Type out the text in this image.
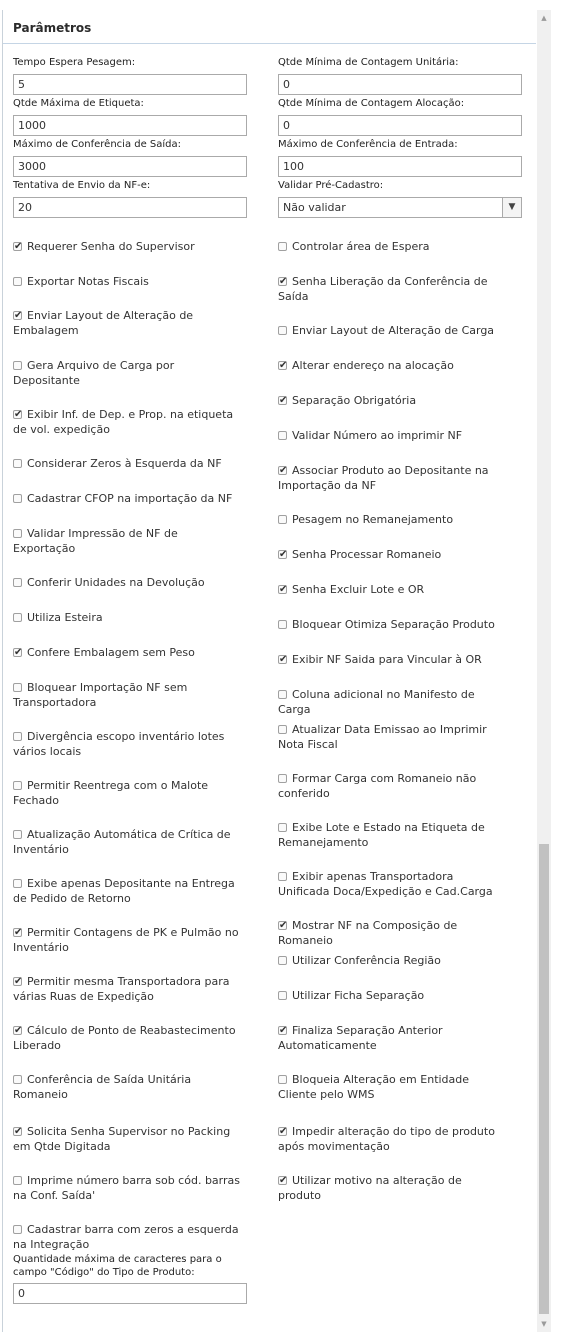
Parâmetros
Tempo Espera Pesagem:
5	Qtde Mínima de Contagem Unitária:
0
Qtde Máxima de Etiqueta:
1000	Qtde Mínima de Contagem Alocação:
0
Máximo de Conferência de Saída:
3000	Máximo de Conferência de Entrada:
100
Tentativa de Envio da NF-e:
20	Validar Pré-Cadastro:
Não validar	▼
✔Requerer Senha do Supervisor
Exportar Notas Fiscais
✔Enviar Layout de Alteração de Embalagem
Gera Arquivo de Carga por Depositante
✔Exibir Inf. de Dep. e Prop. na etiqueta de vol. expedição
Considerar Zeros à Esquerda da NF
Cadastrar CFOP na importação da NF
Validar Impressão de NF de Exportação
Conferir Unidades na Devolução
Utiliza Esteira
✔Confere Embalagem sem Peso
Bloquear Importação NF sem Transportadora
Divergência escopo inventário lotes vários locais
Permitir Reentrega com o Malote Fechado
Atualização Automática de Crítica de Inventário
Exibe apenas Depositante na Entrega de Pedido de Retorno
✔Permitir Contagens de PK e Pulmão no Inventário
✔Permitir mesma Transportadora para várias Ruas de Expedição
✔Cálculo de Ponto de Reabastecimento Liberado
Conferência de Saída Unitária Romaneio
✔Solicita Senha Supervisor no Packing em Qtde Digitada
Imprime número barra sob cód. barras na Conf. Saída'
Cadastrar barra com zeros a esquerda na Integração
Controlar área de Espera
✔Senha Liberação da Conferência de Saída
Enviar Layout de Alteração de Carga
✔Alterar endereço na alocação
✔Separação Obrigatória
Validar Número ao imprimir NF
✔Associar Produto ao Depositante na Importação da NF
Pesagem no Remanejamento
✔Senha Processar Romaneio
✔Senha Excluir Lote e OR
Bloquear Otimiza Separação Produto
✔Exibir NF Saida para Vincular à OR
Coluna adicional no Manifesto de Carga
Atualizar Data Emissao ao Imprimir Nota Fiscal
Formar Carga com Romaneio não conferido
Exibe Lote e Estado na Etiqueta de Remanejamento
Exibir apenas Transportadora Unificada Doca/Expedição e Cad.Carga
✔Mostrar NF na Composição de Romaneio
Utilizar Conferência Região
Utilizar Ficha Separação
✔Finaliza Separação Anterior Automaticamente
Bloqueia Alteração em Entidade Cliente pelo WMS
✔Impedir alteração do tipo de produto após movimentação
✔Utilizar motivo na alteração de produto
Quantidade máxima de caracteres para o campo "Código" do Tipo de Produto:
0
▲
▼
